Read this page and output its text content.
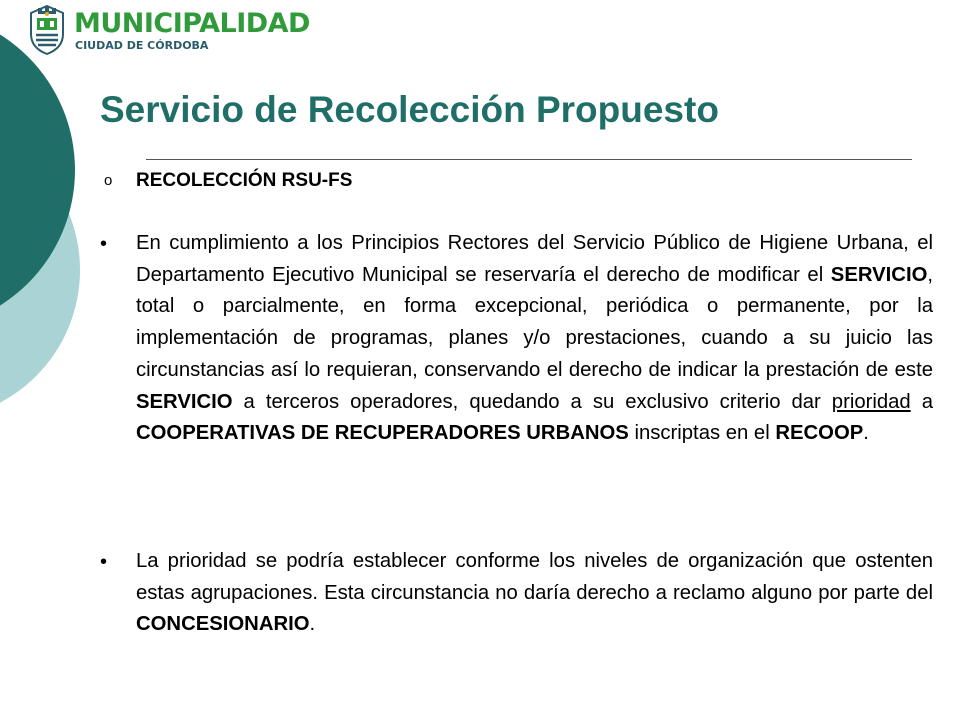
MUNICIPALIDAD
CIUDAD DE CÓRDOBA
Servicio de Recolección Propuesto
o RECOLECCIÓN RSU-FS
• En cumplimiento a los Principios Rectores del Servicio Público de Higiene Urbana, el Departamento Ejecutivo Municipal se reservaría el derecho de modificar el SERVICIO, total o parcialmente, en forma excepcional, periódica o permanente, por la implementación de programas, planes y/o prestaciones, cuando a su juicio las circunstancias así lo requieran, conservando el derecho de indicar la prestación de este SERVICIO a terceros operadores, quedando a su exclusivo criterio dar prioridad a COOPERATIVAS DE RECUPERADORES URBANOS inscriptas en el RECOOP.

• La prioridad se podría establecer conforme los niveles de organización que ostenten estas agrupaciones. Esta circunstancia no daría derecho a reclamo alguno por parte del CONCESIONARIO.
